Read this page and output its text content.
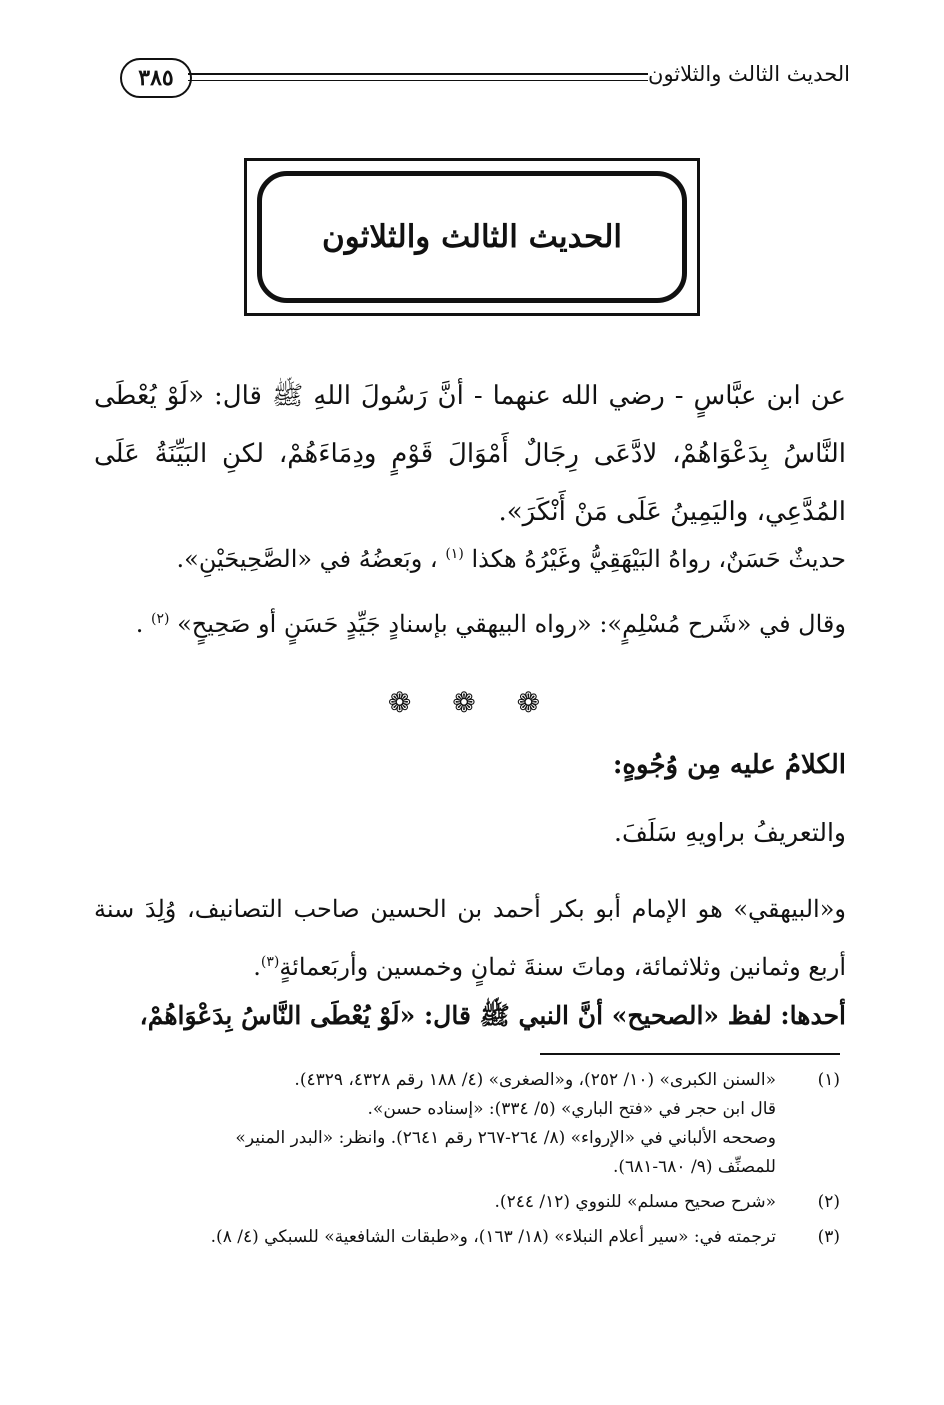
الحديث الثالث والثلاثون
٣٨٥
الحديث الثالث والثلاثون
عن ابن عبَّاسٍ - رضي الله عنهما - أنَّ رَسُولَ اللهِ ﷺ قال: «لَوْ يُعْطَى النَّاسُ بِدَعْوَاهُمْ، لادَّعَى رِجَالٌ أَمْوَالَ قَوْمٍ ودِمَاءَهُمْ، لكنِ البَيِّنَةُ عَلَى المُدَّعِي، واليَمِينُ عَلَى مَنْ أَنْكَرَ».
حديثٌ حَسَنٌ، رواهُ البَيْهَقِيُّ وغَيْرُهُ هكذا $^{(١)}$ ، وبَعضُهُ في «الصَّحِيحَيْنِ».
وقال في «شَرح مُسْلِمٍ»: «رواه البيهقي بإسنادٍ جَيِّدٍ حَسَنٍ أو صَحِيحٍ» $^{(٢)}$ .
❁ ❁ ❁
الكلامُ عليه مِن وُجُوهٍ:
والتعريفُ براويهِ سَلَفَ.
و«البيهقي» هو الإمام أبو بكر أحمد بن الحسين صاحب التصانيف، وُلِدَ سنة أربع وثمانين وثلاثمائة، وماتَ سنةَ ثمانٍ وخمسين وأربَعمائةٍ$^{(٣)}$.
أحدها: لفظ «الصحيح» أنَّ النبي ﷺ قال: «لَوْ يُعْطَى النَّاسُ بِدَعْوَاهُمْ،
(١)
«السنن الكبرى» (١٠/ ٢٥٢)، و«الصغرى» (٤/ ١٨٨ رقم ٤٣٢٨، ٤٣٢٩).
قال ابن حجر في «فتح الباري» (٥/ ٣٣٤): «إسناده حسن».
وصححه الألباني في «الإرواء» (٨/ ٢٦٤-٢٦٧ رقم ٢٦٤١). وانظر: «البدر المنير»
للمصنِّف (٩/ ٦٨٠-٦٨١).
(٢)
«شرح صحيح مسلم» للنووي (١٢/ ٢٤٤).
(٣)
ترجمته في: «سير أعلام النبلاء» (١٨/ ١٦٣)، و«طبقات الشافعية» للسبكي (٤/ ٨).
